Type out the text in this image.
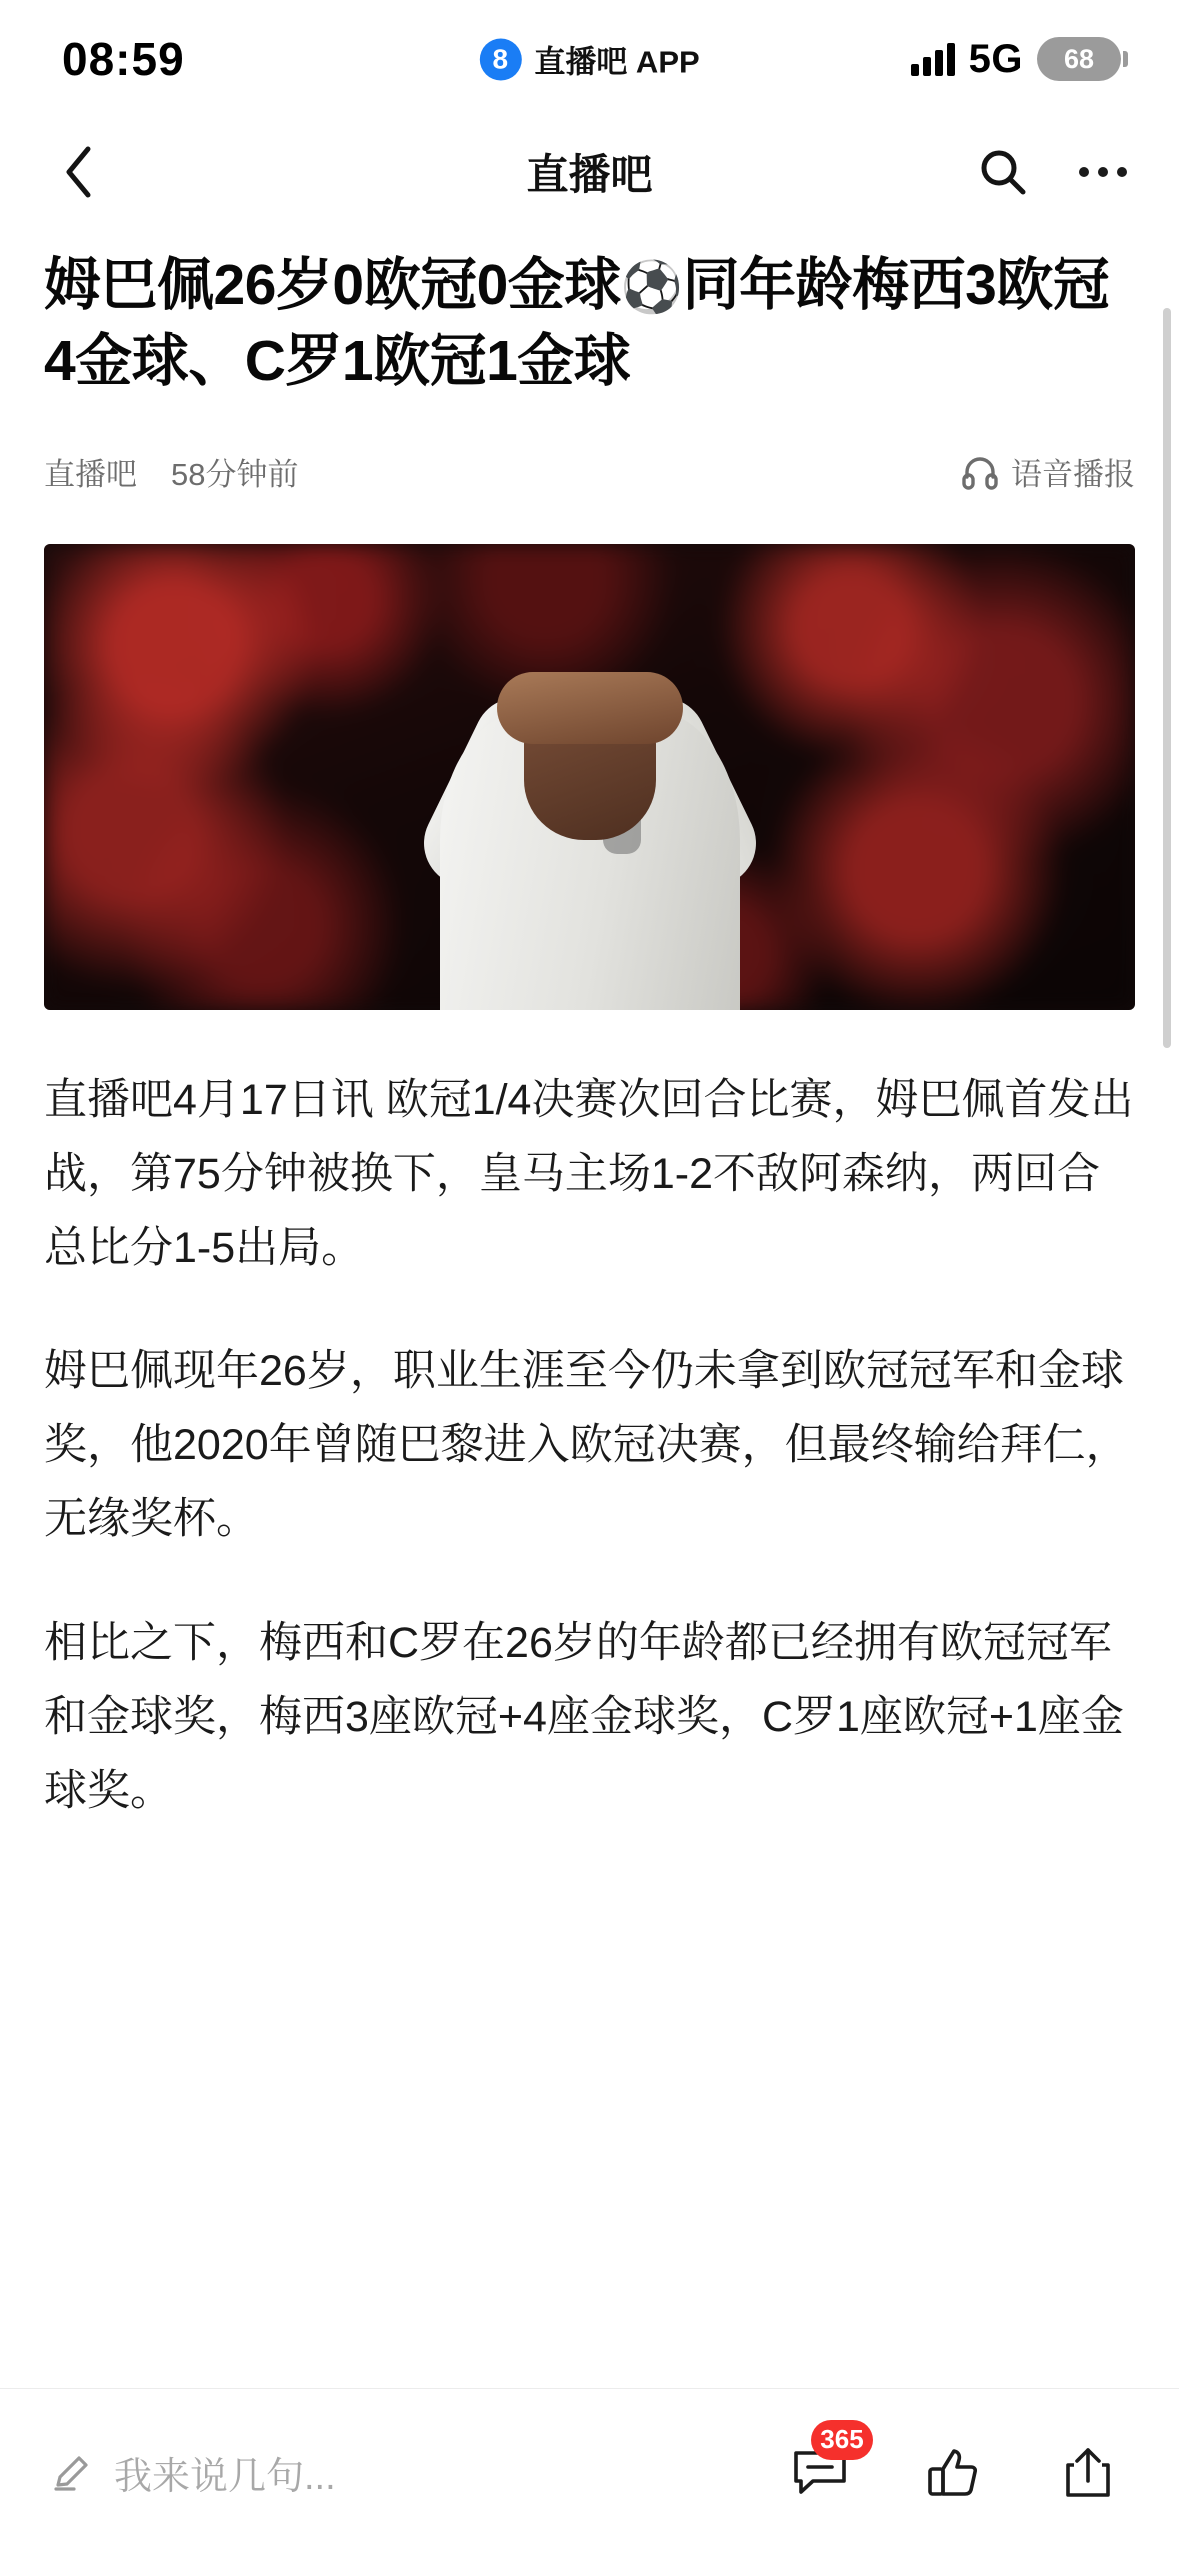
08:59	8 直播吧 APP	5G	68
直播吧
姆巴佩26岁0欧冠0金球⚽同年龄梅西3欧冠4金球、C罗1欧冠1金球
直播吧 58分钟前	语音播报

直播吧4月17日讯 欧冠1/4决赛次回合比赛，姆巴佩首发出战，第75分钟被换下，皇马主场1-2不敌阿森纳，两回合总比分1-5出局。

姆巴佩现年26岁，职业生涯至今仍未拿到欧冠冠军和金球奖，他2020年曾随巴黎进入欧冠决赛，但最终输给拜仁，无缘奖杯。

相比之下，梅西和C罗在26岁的年龄都已经拥有欧冠冠军和金球奖，梅西3座欧冠+4座金球奖，C罗1座欧冠+1座金球奖。

我来说几句...
365
